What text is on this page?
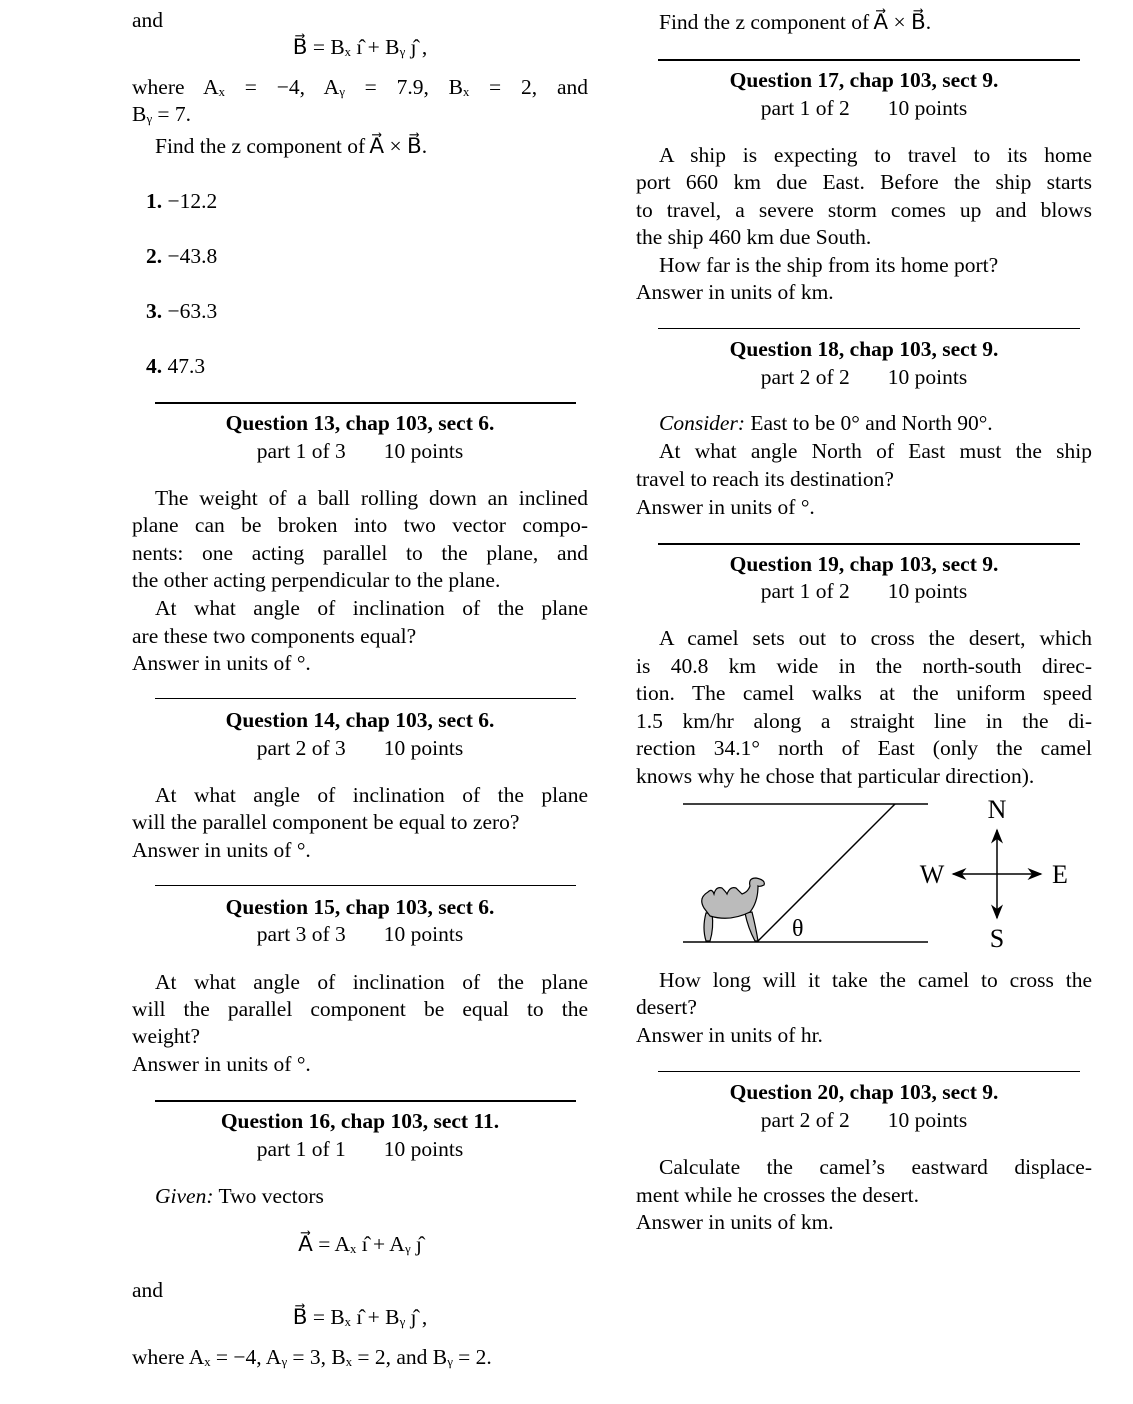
and
B⃗ = Bₓ ı̂ + Bᵧ ȷ̂ ,
where Aₓ = −4, Aᵧ = 7.9, Bₓ = 2, and
Bᵧ = 7.
Find the z component of A⃗ × B⃗.
1. −12.2
2. −43.8
3. −63.3
4. 47.3
Question 13, chap 103, sect 6.
part 1 of 3 10 points
The weight of a ball rolling down an inclined
plane can be broken into two vector compo-
nents: one acting parallel to the plane, and
the other acting perpendicular to the plane.
At what angle of inclination of the plane
are these two components equal?
Answer in units of °.
Question 14, chap 103, sect 6.
part 2 of 3 10 points
At what angle of inclination of the plane
will the parallel component be equal to zero?
Answer in units of °.
Question 15, chap 103, sect 6.
part 3 of 3 10 points
At what angle of inclination of the plane
will the parallel component be equal to the
weight?
Answer in units of °.
Question 16, chap 103, sect 11.
part 1 of 1 10 points
Given: Two vectors
A⃗ = Aₓ ı̂ + Aᵧ ȷ̂
and
B⃗ = Bₓ ı̂ + Bᵧ ȷ̂ ,
where Aₓ = −4, Aᵧ = 3, Bₓ = 2, and Bᵧ = 2.
Find the z component of A⃗ × B⃗.
Question 17, chap 103, sect 9.
part 1 of 2 10 points
A ship is expecting to travel to its home
port 660 km due East. Before the ship starts
to travel, a severe storm comes up and blows
the ship 460 km due South.
How far is the ship from its home port?
Answer in units of km.
Question 18, chap 103, sect 9.
part 2 of 2 10 points
Consider: East to be 0° and North 90°.
At what angle North of East must the ship
travel to reach its destination?
Answer in units of °.
Question 19, chap 103, sect 9.
part 1 of 2 10 points
A camel sets out to cross the desert, which
is 40.8 km wide in the north-south direc-
tion. The camel walks at the uniform speed
1.5 km/hr along a straight line in the di-
rection 34.1° north of East (only the camel
knows why he chose that particular direction).
θ
N
S
W	E
How long will it take the camel to cross the
desert?
Answer in units of hr.
Question 20, chap 103, sect 9.
part 2 of 2 10 points
Calculate the camel’s eastward displace-
ment while he crosses the desert.
Answer in units of km.
